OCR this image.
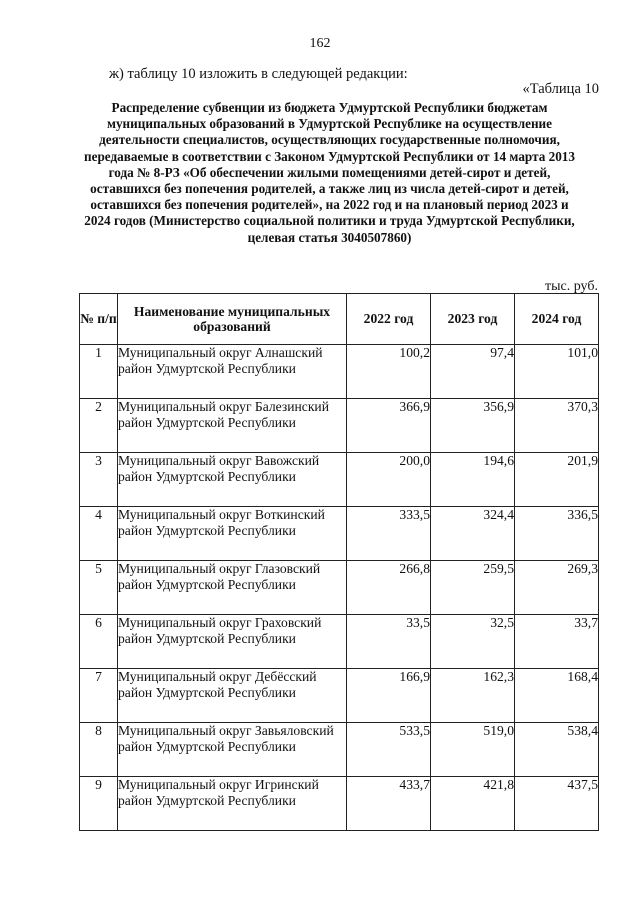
162
ж) таблицу 10 изложить в следующей редакции:
«Таблица 10
Распределение субвенции из бюджета Удмуртской Республики бюджетам муниципальных образований в Удмуртской Республике на осуществление деятельности специалистов, осуществляющих государственные полномочия, передаваемые в соответствии с Законом Удмуртской Республики от 14 марта 2013 года № 8-РЗ «Об обеспечении жилыми помещениями детей-сирот и детей, оставшихся без попечения родителей, а также лиц из числа детей-сирот и детей, оставшихся без попечения родителей», на 2022 год и на плановый период 2023 и 2024 годов (Министерство социальной политики и труда Удмуртской Республики, целевая статья 3040507860)
тыс. руб.
№ п/п	Наименование муниципальных образований	2022 год	2023 год	2024 год
1	Муниципальный округ Алнашский район Удмуртской Республики	100,2	97,4	101,0
2	Муниципальный округ Балезинский район Удмуртской Республики	366,9	356,9	370,3
3	Муниципальный округ Вавожский район Удмуртской Республики	200,0	194,6	201,9
4	Муниципальный округ Воткинский район Удмуртской Республики	333,5	324,4	336,5
5	Муниципальный округ Глазовский район Удмуртской Республики	266,8	259,5	269,3
6	Муниципальный округ Граховский район Удмуртской Республики	33,5	32,5	33,7
7	Муниципальный округ Дебёсский район Удмуртской Республики	166,9	162,3	168,4
8	Муниципальный округ Завьяловский район Удмуртской Республики	533,5	519,0	538,4
9	Муниципальный округ Игринский район Удмуртской Республики	433,7	421,8	437,5
